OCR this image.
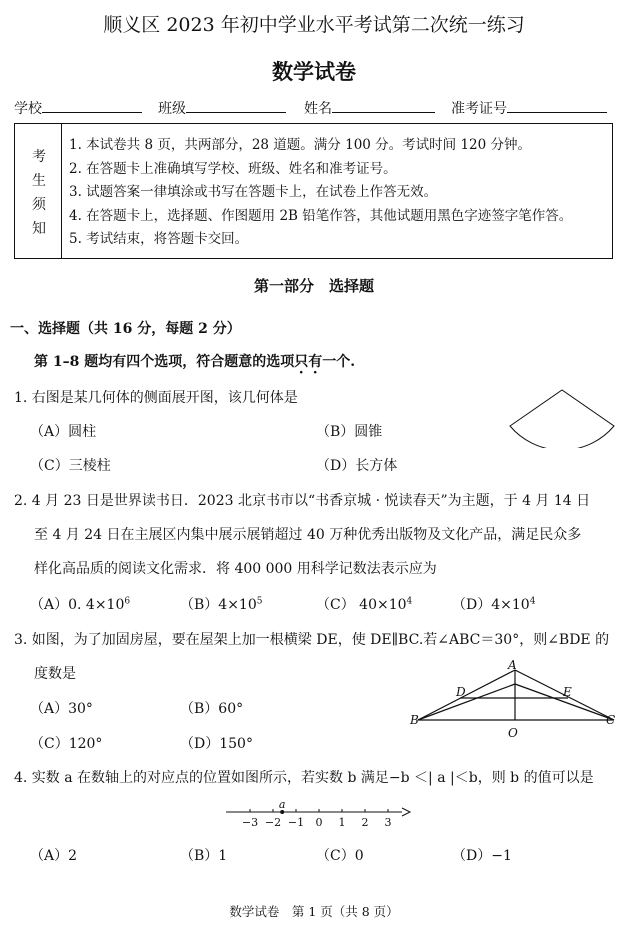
顺义区 2023 年初中学业水平考试第二次统一练习
数学试卷
学校	班级	姓名	准考证号
考
生
须
知
1. 本试卷共 8 页，共两部分，28 道题。满分 100 分。考试时间 120 分钟。
2. 在答题卡上准确填写学校、班级、姓名和准考证号。
3. 试题答案一律填涂或书写在答题卡上，在试卷上作答无效。
4. 在答题卡上，选择题、作图题用 2B 铅笔作答，其他试题用黑色字迹签字笔作答。
5. 考试结束，将答题卡交回。
第一部分　选择题
一、选择题（共 16 分，每题 2 分）
第 1–8 题均有四个选项，符合题意的选项只有一个.
1. 右图是某几何体的侧面展开图，该几何体是
（A）圆柱	（B）圆锥
（C）三棱柱	（D）长方体
2. 4 月 23 日是世界读书日．2023 北京书市以“书香京城 · 悦读春天”为主题，于 4 月 14 日
至 4 月 24 日在主展区内集中展示展销超过 40 万种优秀出版物及文化产品，满足民众多
样化高品质的阅读文化需求．将 400 000 用科学记数法表示应为
（A）0. $4\times 10^6$	$(B)4\times 10^5$	（C） $40\times 10^4$	$(D)4\times 10^4$
3. 如图，为了加固房屋，要在屋架上加一根横梁 DE，使 DE∥BC.若∠ABC＝30°，则∠BDE 的
度数是
（A）30°	（B）60°
（C）120°	（D）150°
A
B	C
D	E
O
4. 实数 a 在数轴上的对应点的位置如图所示，若实数 b 满足−b ＜| a |＜b，则 b 的值可以是
−3 −2 −1 0 1 2 3
a
（A）2	（B）1	（C）0	（D）−1
数学试卷　第 1 页（共 8 页）
